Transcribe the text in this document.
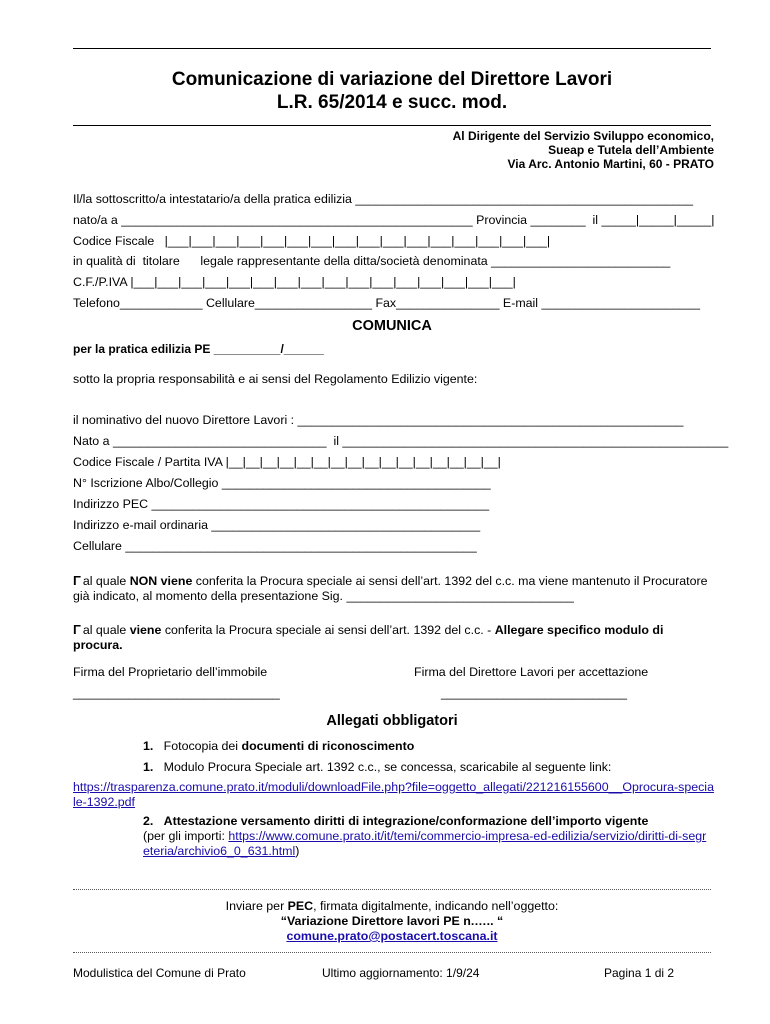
Comunicazione di variazione del Direttore Lavori
L.R. 65/2014 e succ. mod.
Al Dirigente del Servizio Sviluppo economico,
Sueap e Tutela dell’Ambiente
Via Arc. Antonio Martini, 60 - PRATO
Il/la sottoscritto/a intestatario/a della pratica edilizia _________________________________________________
nato/a a ___________________________________________________ Provincia ________  il _____|_____|_____|
Codice Fiscale   |___|___|___|___|___|___|___|___|___|___|___|___|___|___|___|___|
in qualità di  titolare      legale rappresentante della ditta/società denominata __________________________
C.F./P.IVA |___|___|___|___|___|___|___|___|___|___|___|___|___|___|___|___|
Telefono____________ Cellulare_________________ Fax_______________ E-mail _______________________
COMUNICA
per la pratica edilizia PE __________/______
sotto la propria responsabilità e ai sensi del Regolamento Edilizio vigente:
il nominativo del nuovo Direttore Lavori : ________________________________________________________
Nato a _______________________________  il ________________________________________________________
Codice Fiscale / Partita IVA |__|__|__|__|__|__|__|__|__|__|__|__|__|__|__|__|
N° Iscrizione Albo/Collegio _______________________________________
Indirizzo PEC _________________________________________________
Indirizzo e-mail ordinaria _______________________________________
Cellulare ___________________________________________________
Γ al quale NON viene conferita la Procura speciale ai sensi dell’art. 1392 del c.c. ma viene mantenuto il Procuratore già indicato, al momento della presentazione Sig. _________________________________
Γ al quale viene conferita la Procura speciale ai sensi dell’art. 1392 del c.c. - Allegare specifico modulo di procura.
Firma del Proprietario dell’immobile	Firma del Direttore Lavori per accettazione
______________________________	___________________________
Allegati obbligatori
1. Fotocopia dei documenti di riconoscimento
1. Modulo Procura Speciale art. 1392 c.c., se concessa, scaricabile al seguente link:
https://trasparenza.comune.prato.it/moduli/downloadFile.php?file=oggetto_allegati/221216155600__Oprocura-speciale-1392.pdf
2. Attestazione versamento diritti di integrazione/conformazione dell’importo vigente
(per gli importi: https://www.comune.prato.it/it/temi/commercio-impresa-ed-edilizia/servizio/diritti-di-segreteria/archivio6_0_631.html)
Inviare per PEC, firmata digitalmente, indicando nell’oggetto:
“Variazione Direttore lavori PE n.….. “
comune.prato@postacert.toscana.it
Modulistica del Comune di Prato	Ultimo aggiornamento: 1/9/24	Pagina 1 di 2
